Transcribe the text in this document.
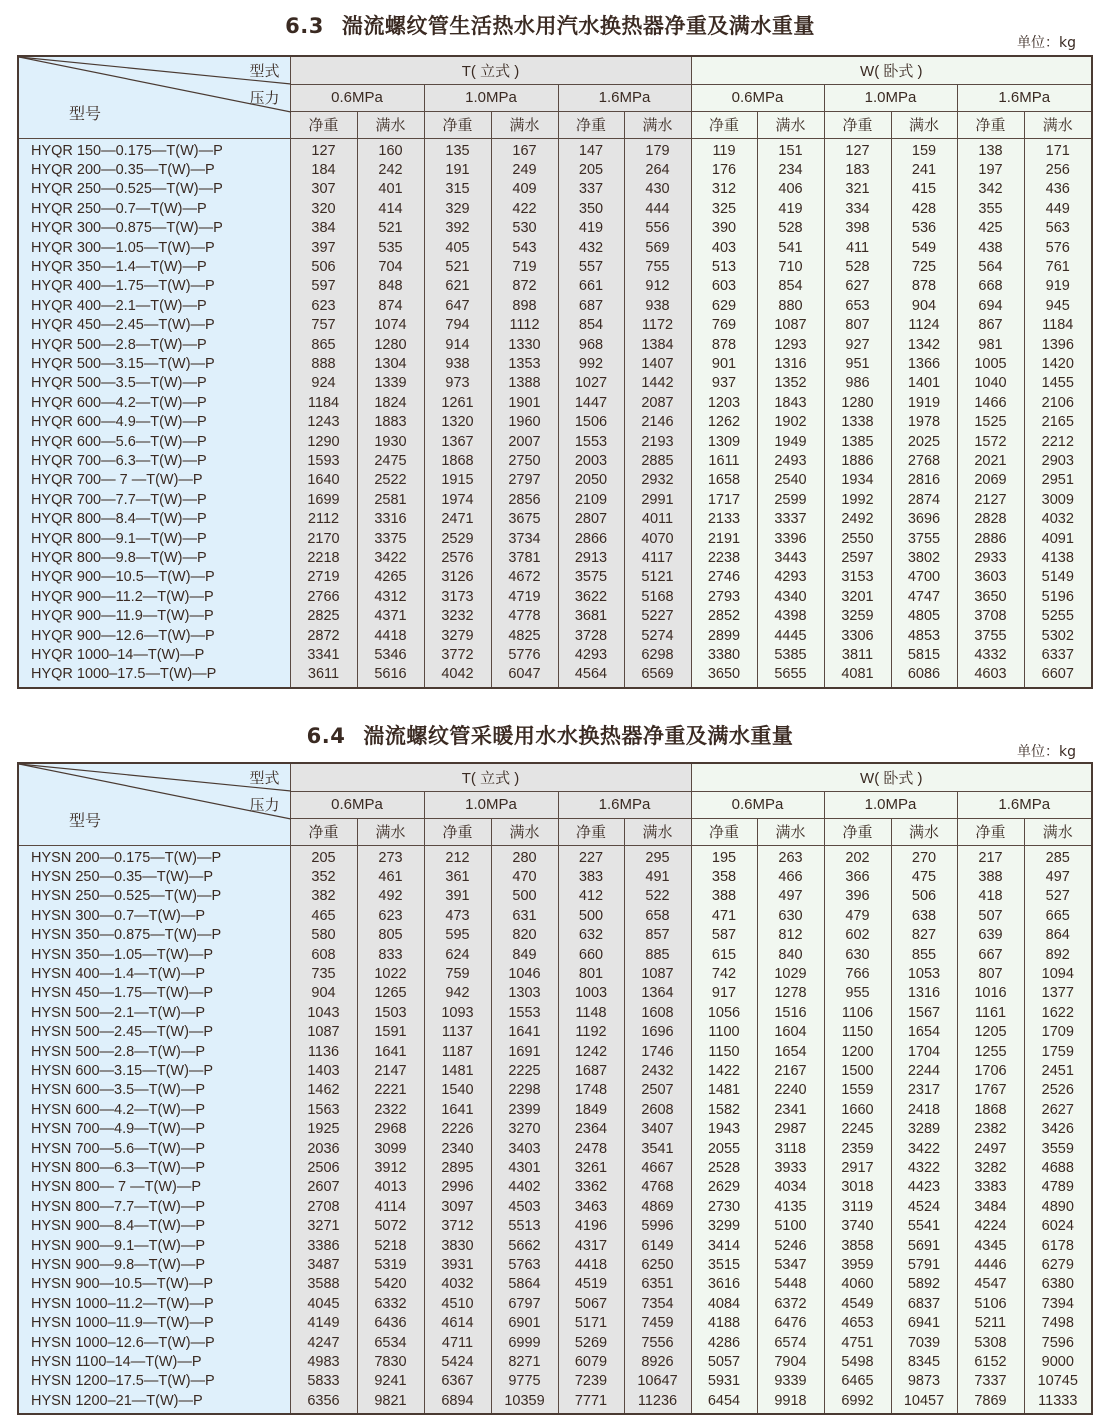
6.3 湍流螺纹管生活热水用汽水换热器净重及满水重量
单位：kg
型式
压力
型号	T( 立式 )						W( 卧式 )					
	0.6MPa		1.0MPa		1.6MPa		0.6MPa		1.0MPa		1.6MPa	
	净重	满水	净重	满水	净重	满水	净重	满水	净重	满水	净重	满水
HYQR 150—0.175—T(W)—P	127	160	135	167	147	179	119	151	127	159	138	171
HYQR 200—0.35—T(W)—P	184	242	191	249	205	264	176	234	183	241	197	256
HYQR 250—0.525—T(W)—P	307	401	315	409	337	430	312	406	321	415	342	436
HYQR 250—0.7—T(W)—P	320	414	329	422	350	444	325	419	334	428	355	449
HYQR 300—0.875—T(W)—P	384	521	392	530	419	556	390	528	398	536	425	563
HYQR 300—1.05—T(W)—P	397	535	405	543	432	569	403	541	411	549	438	576
HYQR 350—1.4—T(W)—P	506	704	521	719	557	755	513	710	528	725	564	761
HYQR 400—1.75—T(W)—P	597	848	621	872	661	912	603	854	627	878	668	919
HYQR 400—2.1—T(W)—P	623	874	647	898	687	938	629	880	653	904	694	945
HYQR 450—2.45—T(W)—P	757	1074	794	1112	854	1172	769	1087	807	1124	867	1184
HYQR 500—2.8—T(W)—P	865	1280	914	1330	968	1384	878	1293	927	1342	981	1396
HYQR 500—3.15—T(W)—P	888	1304	938	1353	992	1407	901	1316	951	1366	1005	1420
HYQR 500—3.5—T(W)—P	924	1339	973	1388	1027	1442	937	1352	986	1401	1040	1455
HYQR 600—4.2—T(W)—P	1184	1824	1261	1901	1447	2087	1203	1843	1280	1919	1466	2106
HYQR 600—4.9—T(W)—P	1243	1883	1320	1960	1506	2146	1262	1902	1338	1978	1525	2165
HYQR 600—5.6—T(W)—P	1290	1930	1367	2007	1553	2193	1309	1949	1385	2025	1572	2212
HYQR 700—6.3—T(W)—P	1593	2475	1868	2750	2003	2885	1611	2493	1886	2768	2021	2903
HYQR 700— 7 —T(W)—P	1640	2522	1915	2797	2050	2932	1658	2540	1934	2816	2069	2951
HYQR 700—7.7—T(W)—P	1699	2581	1974	2856	2109	2991	1717	2599	1992	2874	2127	3009
HYQR 800—8.4—T(W)—P	2112	3316	2471	3675	2807	4011	2133	3337	2492	3696	2828	4032
HYQR 800—9.1—T(W)—P	2170	3375	2529	3734	2866	4070	2191	3396	2550	3755	2886	4091
HYQR 800—9.8—T(W)—P	2218	3422	2576	3781	2913	4117	2238	3443	2597	3802	2933	4138
HYQR 900—10.5—T(W)—P	2719	4265	3126	4672	3575	5121	2746	4293	3153	4700	3603	5149
HYQR 900—11.2—T(W)—P	2766	4312	3173	4719	3622	5168	2793	4340	3201	4747	3650	5196
HYQR 900—11.9—T(W)—P	2825	4371	3232	4778	3681	5227	2852	4398	3259	4805	3708	5255
HYQR 900—12.6—T(W)—P	2872	4418	3279	4825	3728	5274	2899	4445	3306	4853	3755	5302
HYQR 1000–14—T(W)—P	3341	5346	3772	5776	4293	6298	3380	5385	3811	5815	4332	6337
HYQR 1000–17.5—T(W)—P	3611	5616	4042	6047	4564	6569	3650	5655	4081	6086	4603	6607
6.4 湍流螺纹管采暖用水水换热器净重及满水重量
单位：kg
型式
压力
型号	T( 立式 )						W( 卧式 )					
	0.6MPa		1.0MPa		1.6MPa		0.6MPa		1.0MPa		1.6MPa	
	净重	满水	净重	满水	净重	满水	净重	满水	净重	满水	净重	满水
HYSN 200—0.175—T(W)—P	205	273	212	280	227	295	195	263	202	270	217	285
HYSN 250—0.35—T(W)—P	352	461	361	470	383	491	358	466	366	475	388	497
HYSN 250—0.525—T(W)—P	382	492	391	500	412	522	388	497	396	506	418	527
HYSN 300—0.7—T(W)—P	465	623	473	631	500	658	471	630	479	638	507	665
HYSN 350—0.875—T(W)—P	580	805	595	820	632	857	587	812	602	827	639	864
HYSN 350—1.05—T(W)—P	608	833	624	849	660	885	615	840	630	855	667	892
HYSN 400—1.4—T(W)—P	735	1022	759	1046	801	1087	742	1029	766	1053	807	1094
HYSN 450—1.75—T(W)—P	904	1265	942	1303	1003	1364	917	1278	955	1316	1016	1377
HYSN 500—2.1—T(W)—P	1043	1503	1093	1553	1148	1608	1056	1516	1106	1567	1161	1622
HYSN 500—2.45—T(W)—P	1087	1591	1137	1641	1192	1696	1100	1604	1150	1654	1205	1709
HYSN 500—2.8—T(W)—P	1136	1641	1187	1691	1242	1746	1150	1654	1200	1704	1255	1759
HYSN 600—3.15—T(W)—P	1403	2147	1481	2225	1687	2432	1422	2167	1500	2244	1706	2451
HYSN 600—3.5—T(W)—P	1462	2221	1540	2298	1748	2507	1481	2240	1559	2317	1767	2526
HYSN 600—4.2—T(W)—P	1563	2322	1641	2399	1849	2608	1582	2341	1660	2418	1868	2627
HYSN 700—4.9—T(W)—P	1925	2968	2226	3270	2364	3407	1943	2987	2245	3289	2382	3426
HYSN 700—5.6—T(W)—P	2036	3099	2340	3403	2478	3541	2055	3118	2359	3422	2497	3559
HYSN 800—6.3—T(W)—P	2506	3912	2895	4301	3261	4667	2528	3933	2917	4322	3282	4688
HYSN 800— 7 —T(W)—P	2607	4013	2996	4402	3362	4768	2629	4034	3018	4423	3383	4789
HYSN 800—7.7—T(W)—P	2708	4114	3097	4503	3463	4869	2730	4135	3119	4524	3484	4890
HYSN 900—8.4—T(W)—P	3271	5072	3712	5513	4196	5996	3299	5100	3740	5541	4224	6024
HYSN 900—9.1—T(W)—P	3386	5218	3830	5662	4317	6149	3414	5246	3858	5691	4345	6178
HYSN 900—9.8—T(W)—P	3487	5319	3931	5763	4418	6250	3515	5347	3959	5791	4446	6279
HYSN 900—10.5—T(W)—P	3588	5420	4032	5864	4519	6351	3616	5448	4060	5892	4547	6380
HYSN 1000–11.2—T(W)—P	4045	6332	4510	6797	5067	7354	4084	6372	4549	6837	5106	7394
HYSN 1000–11.9—T(W)—P	4149	6436	4614	6901	5171	7459	4188	6476	4653	6941	5211	7498
HYSN 1000–12.6—T(W)—P	4247	6534	4711	6999	5269	7556	4286	6574	4751	7039	5308	7596
HYSN 1100–14—T(W)—P	4983	7830	5424	8271	6079	8926	5057	7904	5498	8345	6152	9000
HYSN 1200–17.5—T(W)—P	5833	9241	6367	9775	7239	10647	5931	9339	6465	9873	7337	10745
HYSN 1200–21—T(W)—P	6356	9821	6894	10359	7771	11236	6454	9918	6992	10457	7869	11333
